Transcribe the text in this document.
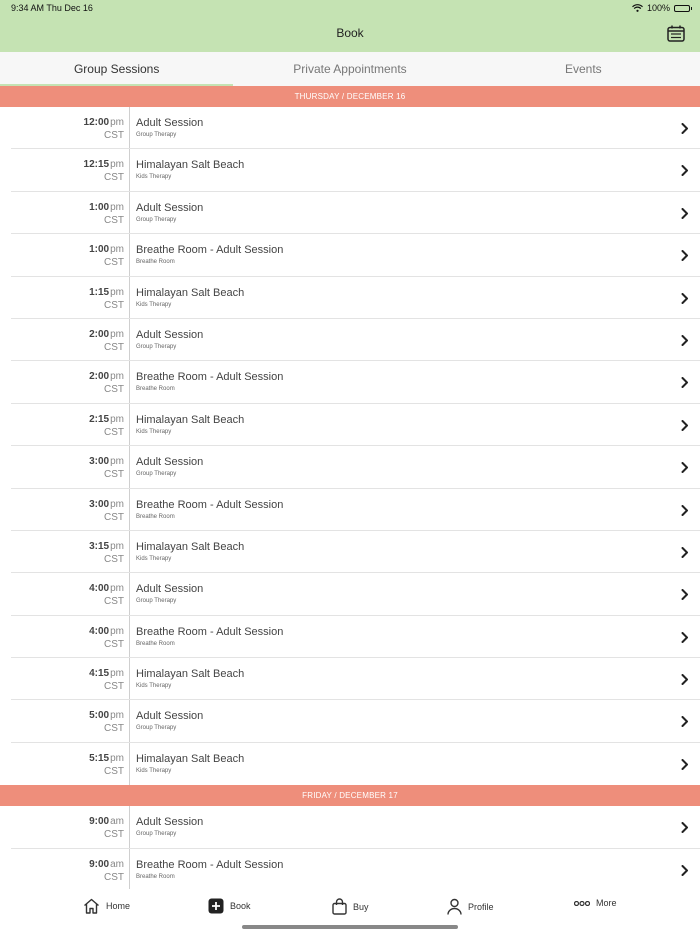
9:34 AM Thu Dec 16	100%
Book
Group Sessions	Private Appointments	Events
THURSDAY / DECEMBER 16
12:00pm
CST
Adult Session
Group Therapy
12:15pm
CST
Himalayan Salt Beach
Kids Therapy
1:00pm
CST
Adult Session
Group Therapy
1:00pm
CST
Breathe Room - Adult Session
Breathe Room
1:15pm
CST
Himalayan Salt Beach
Kids Therapy
2:00pm
CST
Adult Session
Group Therapy
2:00pm
CST
Breathe Room - Adult Session
Breathe Room
2:15pm
CST
Himalayan Salt Beach
Kids Therapy
3:00pm
CST
Adult Session
Group Therapy
3:00pm
CST
Breathe Room - Adult Session
Breathe Room
3:15pm
CST
Himalayan Salt Beach
Kids Therapy
4:00pm
CST
Adult Session
Group Therapy
4:00pm
CST
Breathe Room - Adult Session
Breathe Room
4:15pm
CST
Himalayan Salt Beach
Kids Therapy
5:00pm
CST
Adult Session
Group Therapy
5:15pm
CST
Himalayan Salt Beach
Kids Therapy
FRIDAY / DECEMBER 17
9:00am
CST
Adult Session
Group Therapy
9:00am
CST
Breathe Room - Adult Session
Breathe Room
Home	Book	Buy	Profile	More
